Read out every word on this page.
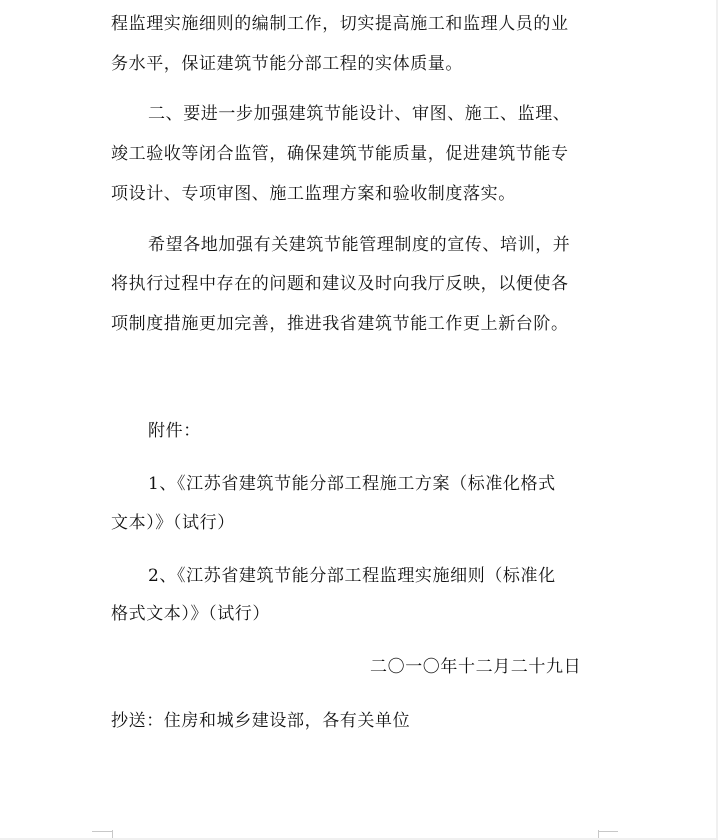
程监理实施细则的编制工作，切实提高施工和监理人员的业
务水平，保证建筑节能分部工程的实体质量。
二、要进一步加强建筑节能设计、审图、施工、监理、
竣工验收等闭合监管，确保建筑节能质量，促进建筑节能专
项设计、专项审图、施工监理方案和验收制度落实。
希望各地加强有关建筑节能管理制度的宣传、培训，并
将执行过程中存在的问题和建议及时向我厅反映，以便使各
项制度措施更加完善，推进我省建筑节能工作更上新台阶。
附件：
1、《江苏省建筑节能分部工程施工方案（标准化格式
文本）》（试行）
2、《江苏省建筑节能分部工程监理实施细则（标准化
格式文本）》（试行）
二〇一〇年十二月二十九日
抄送：住房和城乡建设部，各有关单位
